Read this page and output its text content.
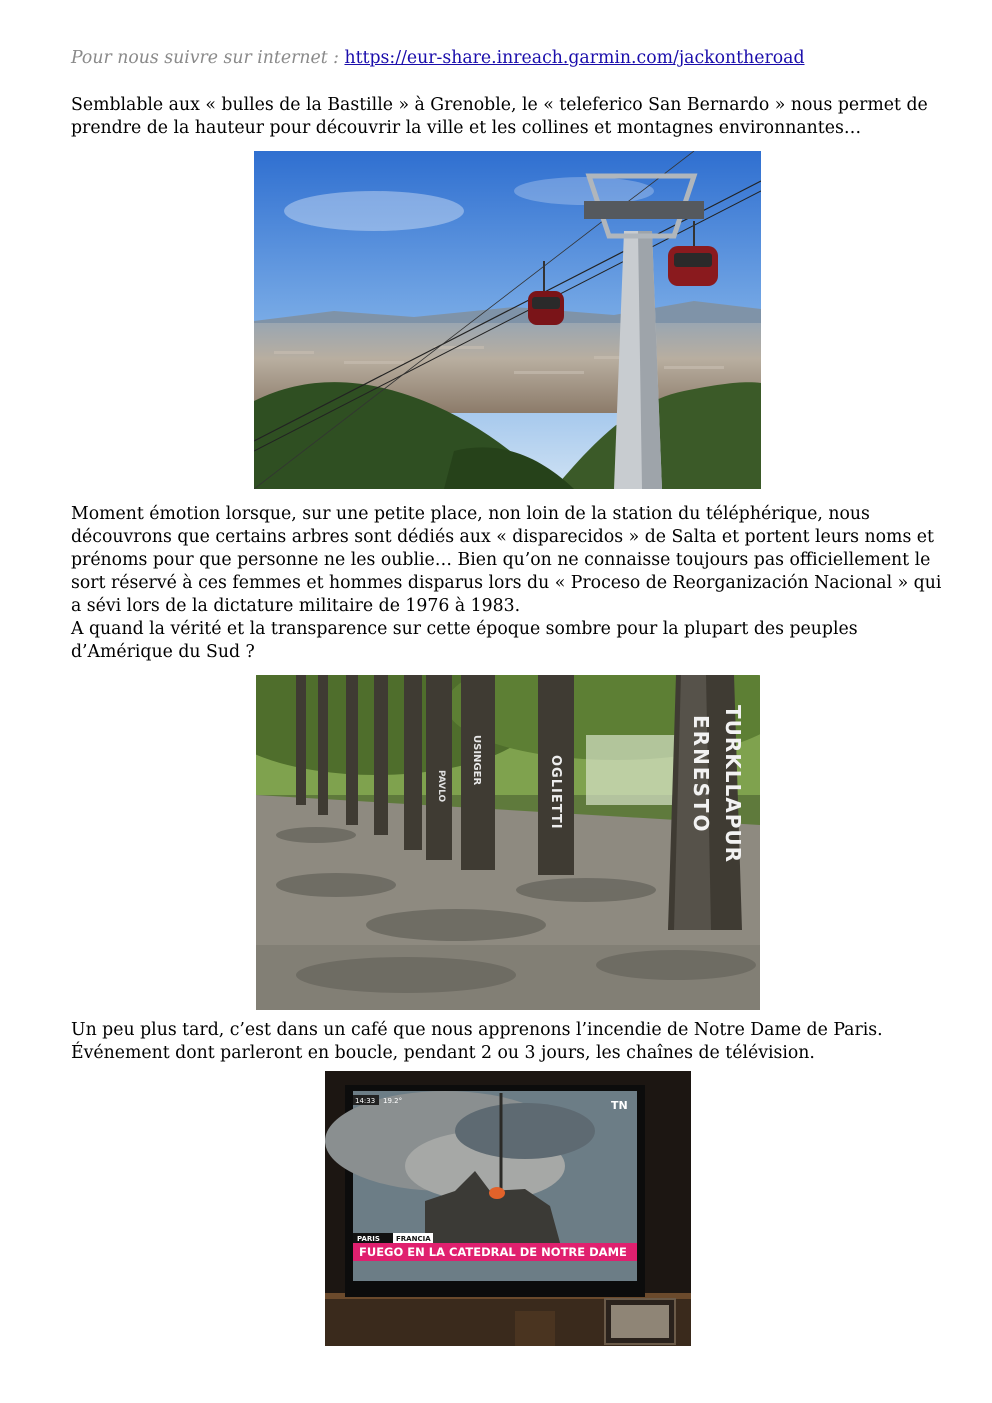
Pour nous suivre sur internet : https://eur-share.inreach.garmin.com/jackontheroad
Semblable aux « bulles de la Bastille » à Grenoble, le « teleferico San Bernardo » nous permet de
prendre de la hauteur pour découvrir la ville et les collines et montagnes environnantes…
Moment émotion lorsque, sur une petite place, non loin de la station du téléphérique, nous
découvrons que certains arbres sont dédiés aux « disparecidos » de Salta et portent leurs noms et
prénoms pour que personne ne les oublie… Bien qu’on ne connaisse toujours pas officiellement le
sort réservé à ces femmes et hommes disparus lors du « Proceso de Reorganización Nacional » qui
a sévi lors de la dictature militaire de 1976 à 1983.
A quand la vérité et la transparence sur cette époque sombre pour la plupart des peuples
d’Amérique du Sud ?
ERNESTO TURKLLAPUR
OGLIETTI
USINGER
PAVLO
Un peu plus tard, c’est dans un café que nous apprenons l’incendie de Notre Dame de Paris.
Événement dont parleront en boucle, pendant 2 ou 3 jours, les chaînes de télévision.
PARIS FRANCIA
FUEGO EN LA CATEDRAL DE NOTRE DAME
14:33 19.2°	TN
